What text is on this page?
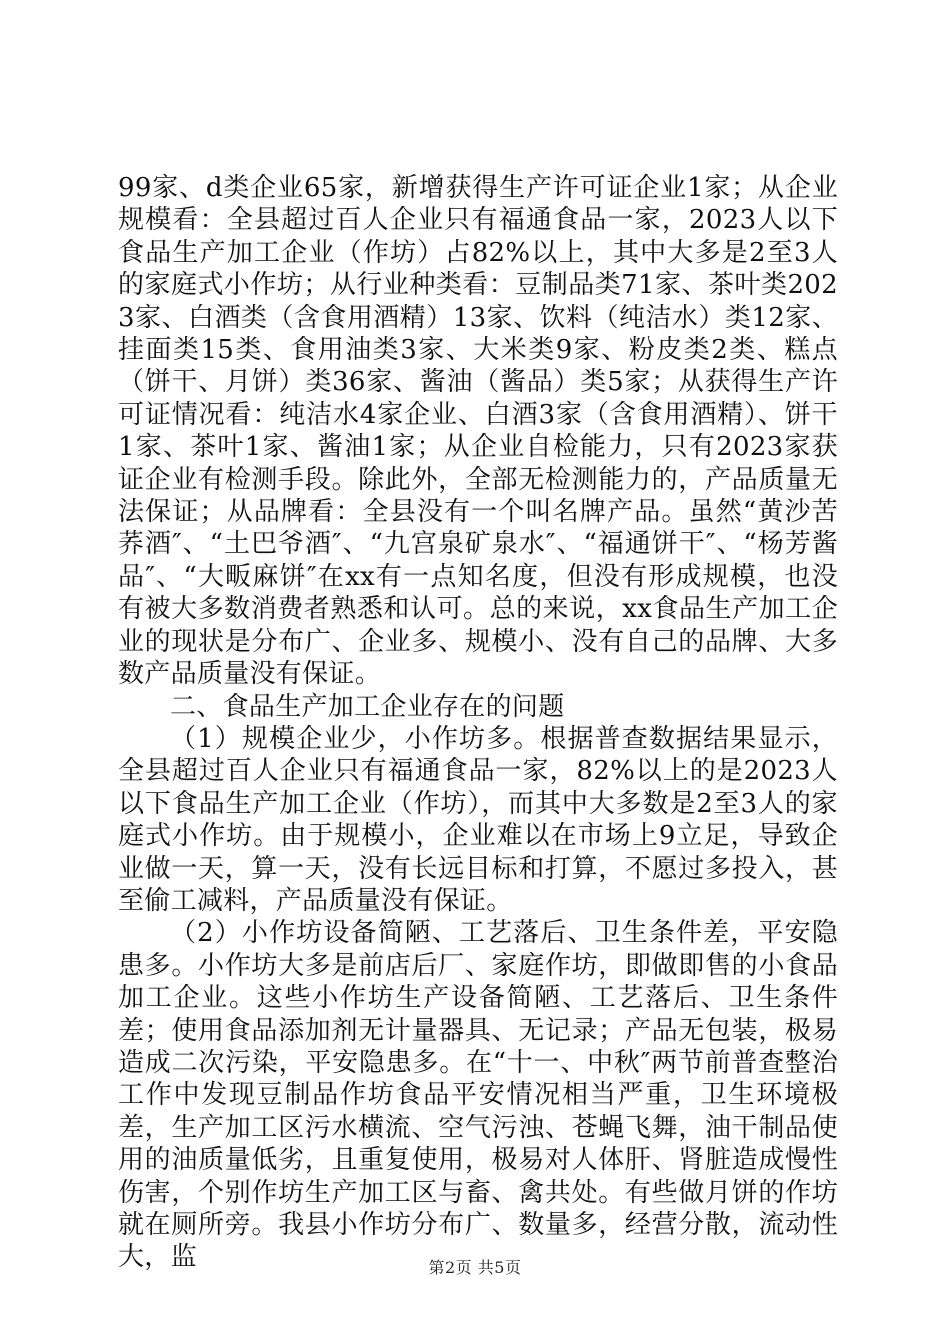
99家、d类企业65家，新增获得生产许可证企业1家；从企业规模看：全县超过百人企业只有福通食品一家，2023人以下食品生产加工企业（作坊）占82%以上，其中大多是2至3人的家庭式小作坊；从行业种类看：豆制品类71家、茶叶类2023家、白酒类（含食用酒精）13家、饮料（纯洁水）类12家、挂面类15类、食用油类3家、大米类9家、粉皮类2类、糕点（饼干、月饼）类36家、酱油（酱品）类5家；从获得生产许可证情况看：纯洁水4家企业、白酒3家（含食用酒精）、饼干1家、茶叶1家、酱油1家；从企业自检能力，只有2023家获证企业有检测手段。除此外，全部无检测能力的，产品质量无法保证；从品牌看：全县没有一个叫名牌产品。虽然“黄沙苦荞酒″、“土巴爷酒″、“九宫泉矿泉水″、“福通饼干″、“杨芳酱品″、“大畈麻饼″在xx有一点知名度，但没有形成规模，也没有被大多数消费者熟悉和认可。总的来说，xx食品生产加工企业的现状是分布广、企业多、规模小、没有自己的品牌、大多数产品质量没有保证。

二、食品生产加工企业存在的问题

（1）规模企业少，小作坊多。根据普查数据结果显示，全县超过百人企业只有福通食品一家，82%以上的是2023人以下食品生产加工企业（作坊），而其中大多数是2至3人的家庭式小作坊。由于规模小，企业难以在市场上9立足，导致企业做一天，算一天，没有长远目标和打算，不愿过多投入，甚至偷工减料，产品质量没有保证。

（2）小作坊设备简陋、工艺落后、卫生条件差，平安隐患多。小作坊大多是前店后厂、家庭作坊，即做即售的小食品加工企业。这些小作坊生产设备简陋、工艺落后、卫生条件差；使用食品添加剂无计量器具、无记录；产品无包装，极易造成二次污染，平安隐患多。在“十一、中秋″两节前普查整治工作中发现豆制品作坊食品平安情况相当严重，卫生环境极差，生产加工区污水横流、空气污浊、苍蝇飞舞，油干制品使用的油质量低劣，且重复使用，极易对人体肝、肾脏造成慢性伤害，个别作坊生产加工区与畜、禽共处。有些做月饼的作坊就在厕所旁。我县小作坊分布广、数量多，经营分散，流动性大，监	第2页 共5页
